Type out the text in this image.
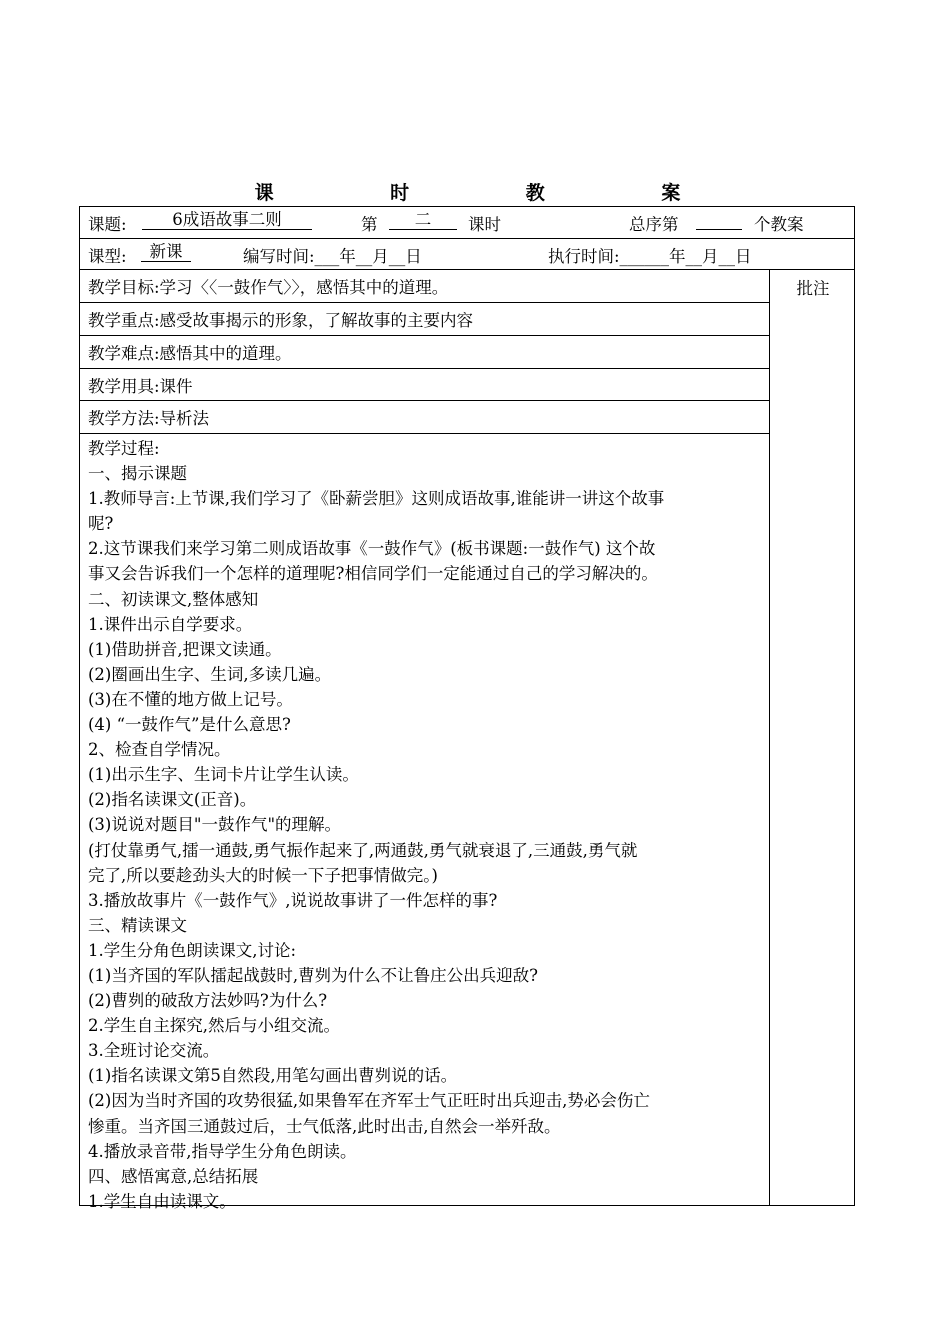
课 时 教 案
课题:	6成语故事二则	第	二	课时	总序第	个教案
课型:	新课	编写时间:___年__月__日	执行时间:______年__月__日
教学目标:学习〈〈一鼓作气〉〉，感悟其中的道理。
教学重点:感受故事揭示的形象，了解故事的主要内容
教学难点:感悟其中的道理。
教学用具:课件
教学方法:导析法
教学过程:
一、揭示课题
1.教师导言:上节课,我们学习了《卧薪尝胆》这则成语故事,谁能讲一讲这个故事
呢?
2.这节课我们来学习第二则成语故事《一鼓作气》(板书课题:一鼓作气) 这个故
事又会告诉我们一个怎样的道理呢?相信同学们一定能通过自己的学习解决的。
二、初读课文,整体感知
1.课件出示自学要求。
(1)借助拼音,把课文读通。
(2)圈画出生字、生词,多读几遍。
(3)在不懂的地方做上记号。
(4) “一鼓作气”是什么意思?
2、检查自学情况。
(1)出示生字、生词卡片让学生认读。
(2)指名读课文(正音)。
(3)说说对题目"一鼓作气"的理解。
(打仗靠勇气,擂一通鼓,勇气振作起来了,两通鼓,勇气就衰退了,三通鼓,勇气就
完了,所以要趁劲头大的时候一下子把事情做完。)
3.播放故事片《一鼓作气》,说说故事讲了一件怎样的事?
三、精读课文
1.学生分角色朗读课文,讨论:
(1)当齐国的军队擂起战鼓时,曹刿为什么不让鲁庄公出兵迎敌?
(2)曹刿的破敌方法妙吗?为什么?
2.学生自主探究,然后与小组交流。
3.全班讨论交流。
(1)指名读课文第5自然段,用笔勾画出曹刿说的话。
(2)因为当时齐国的攻势很猛,如果鲁军在齐军士气正旺时出兵迎击,势必会伤亡
惨重。当齐国三通鼓过后，士气低落,此时出击,自然会一举歼敌。
4.播放录音带,指导学生分角色朗读。
四、感悟寓意,总结拓展
1.学生自由读课文。
批注
